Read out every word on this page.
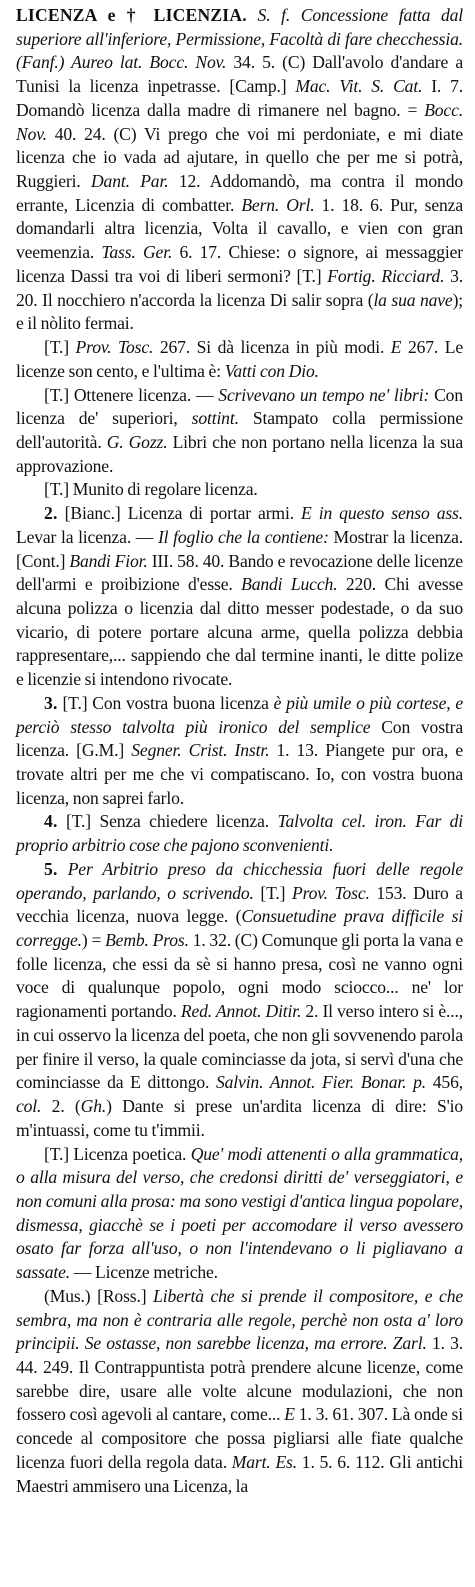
LICENZA e † LICENZIA. S. f. Concessione fatta dal superiore all'inferiore, Permissione, Facoltà di fare checchessia. (Fanf.) Aureo lat. Bocc. Nov. 34. 5. (C) Dall'avolo d'andare a Tunisi la licenza inpetrasse. [Camp.] Mac. Vit. S. Cat. I. 7. Domandò licenza dalla madre di rimanere nel bagno. = Bocc. Nov. 40. 24. (C) Vi prego che voi mi perdoniate, e mi diate licenza che io vada ad ajutare, in quello che per me si potrà, Ruggieri. Dant. Par. 12. Addomandò, ma contra il mondo errante, Licenzia di combatter. Bern. Orl. 1. 18. 6. Pur, senza domandarli altra licenzia, Volta il cavallo, e vien con gran veemenzia. Tass. Ger. 6. 17. Chiese: o signore, ai messaggier licenza Dassi tra voi di liberi sermoni? [T.] Fortig. Ricciard. 3. 20. Il nocchiero n'accorda la licenza Di salir sopra (la sua nave); e il nòlito fermai.

[T.] Prov. Tosc. 267. Si dà licenza in più modi. E 267. Le licenze son cento, e l'ultima è: Vatti con Dio.

[T.] Ottenere licenza. — Scrivevano un tempo ne' libri: Con licenza de' superiori, sottint. Stampato colla permissione dell'autorità. G. Gozz. Libri che non portano nella licenza la sua approvazione.

[T.] Munito di regolare licenza.

2. [Bianc.] Licenza di portar armi. E in questo senso ass. Levar la licenza. — Il foglio che la contiene: Mostrar la licenza. [Cont.] Bandi Fior. III. 58. 40. Bando e revocazione delle licenze dell'armi e proibizione d'esse. Bandi Lucch. 220. Chi avesse alcuna polizza o licenzia dal ditto messer podestade, o da suo vicario, di potere portare alcuna arme, quella polizza debbia rappresentare,... sappiendo che dal termine inanti, le ditte polize e licenzie si intendono rivocate.

3. [T.] Con vostra buona licenza è più umile o più cortese, e perciò stesso talvolta più ironico del semplice Con vostra licenza. [G.M.] Segner. Crist. Instr. 1. 13. Piangete pur ora, e trovate altri per me che vi compatiscano. Io, con vostra buona licenza, non saprei farlo.

4. [T.] Senza chiedere licenza. Talvolta cel. iron. Far di proprio arbitrio cose che pajono sconvenienti.

5. Per Arbitrio preso da chicchessia fuori delle regole operando, parlando, o scrivendo. [T.] Prov. Tosc. 153. Duro a vecchia licenza, nuova legge. (Consuetudine prava difficile si corregge.) = Bemb. Pros. 1. 32. (C) Comunque gli porta la vana e folle licenza, che essi da sè si hanno presa, così ne vanno ogni voce di qualunque popolo, ogni modo sciocco... ne' lor ragionamenti portando. Red. Annot. Ditir. 2. Il verso intero si è..., in cui osservo la licenza del poeta, che non gli sovvenendo parola per finire il verso, la quale cominciasse da jota, si servì d'una che cominciasse da E dittongo. Salvin. Annot. Fier. Bonar. p. 456, col. 2. (Gh.) Dante si prese un'ardita licenza di dire: S'io m'intuassi, come tu t'immii.

[T.] Licenza poetica. Que' modi attenenti o alla grammatica, o alla misura del verso, che credonsi diritti de' verseggiatori, e non comuni alla prosa: ma sono vestigi d'antica lingua popolare, dismessa, giacchè se i poeti per accomodare il verso avessero osato far forza all'uso, o non l'intendevano o li pigliavano a sassate. — Licenze metriche.

(Mus.) [Ross.] Libertà che si prende il compositore, e che sembra, ma non è contraria alle regole, perchè non osta a' loro principii. Se ostasse, non sarebbe licenza, ma errore. Zarl. 1. 3. 44. 249. Il Contrappuntista potrà prendere alcune licenze, come sarebbe dire, usare alle volte alcune modulazioni, che non fossero così agevoli al cantare, come... E 1. 3. 61. 307. Là onde si concede al compositore che possa pigliarsi alle fiate qualche licenza fuori della regola data. Mart. Es. 1. 5. 6. 112. Gli antichi Maestri ammisero una Licenza, la
